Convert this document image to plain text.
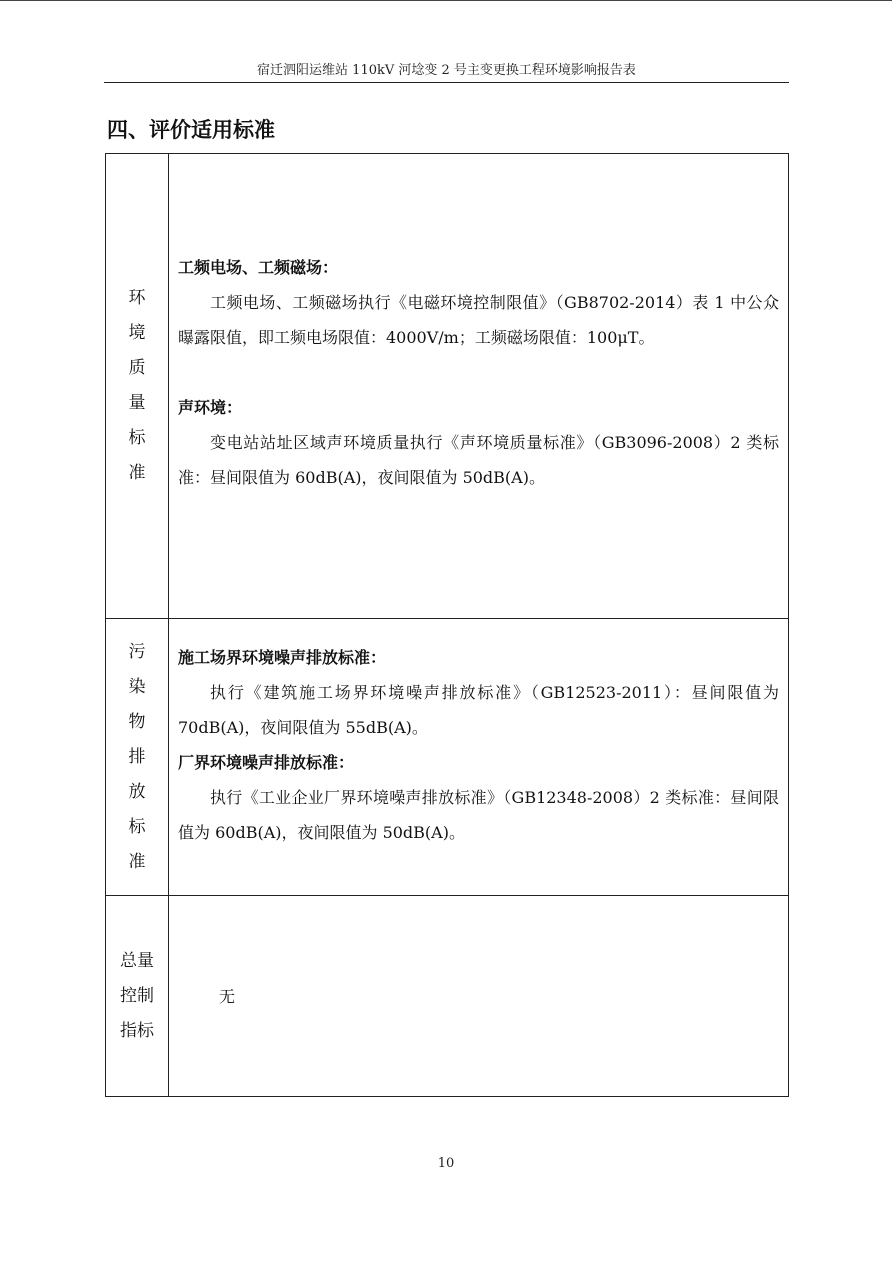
宿迁泗阳运维站 110kV 河埝变 2 号主变更换工程环境影响报告表
四、评价适用标准
环境质量标准	工频电场、工频磁场：
工频电场、工频磁场执行《电磁环境控制限值》（GB8702-2014）表 1 中公众曝露限值，即工频电场限值：4000V/m；工频磁场限值：100μT。
声环境：
变电站站址区域声环境质量执行《声环境质量标准》（GB3096-2008）2 类标准：昼间限值为 60dB(A)，夜间限值为 50dB(A)。

污染物排放标准	施工场界环境噪声排放标准：
执行《建筑施工场界环境噪声排放标准》（GB12523-2011）：昼间限值为 70dB(A)，夜间限值为 55dB(A)。
厂界环境噪声排放标准：
执行《工业企业厂界环境噪声排放标准》（GB12348-2008）2 类标准：昼间限值为 60dB(A)，夜间限值为 50dB(A)。

总量控制指标	无
10
